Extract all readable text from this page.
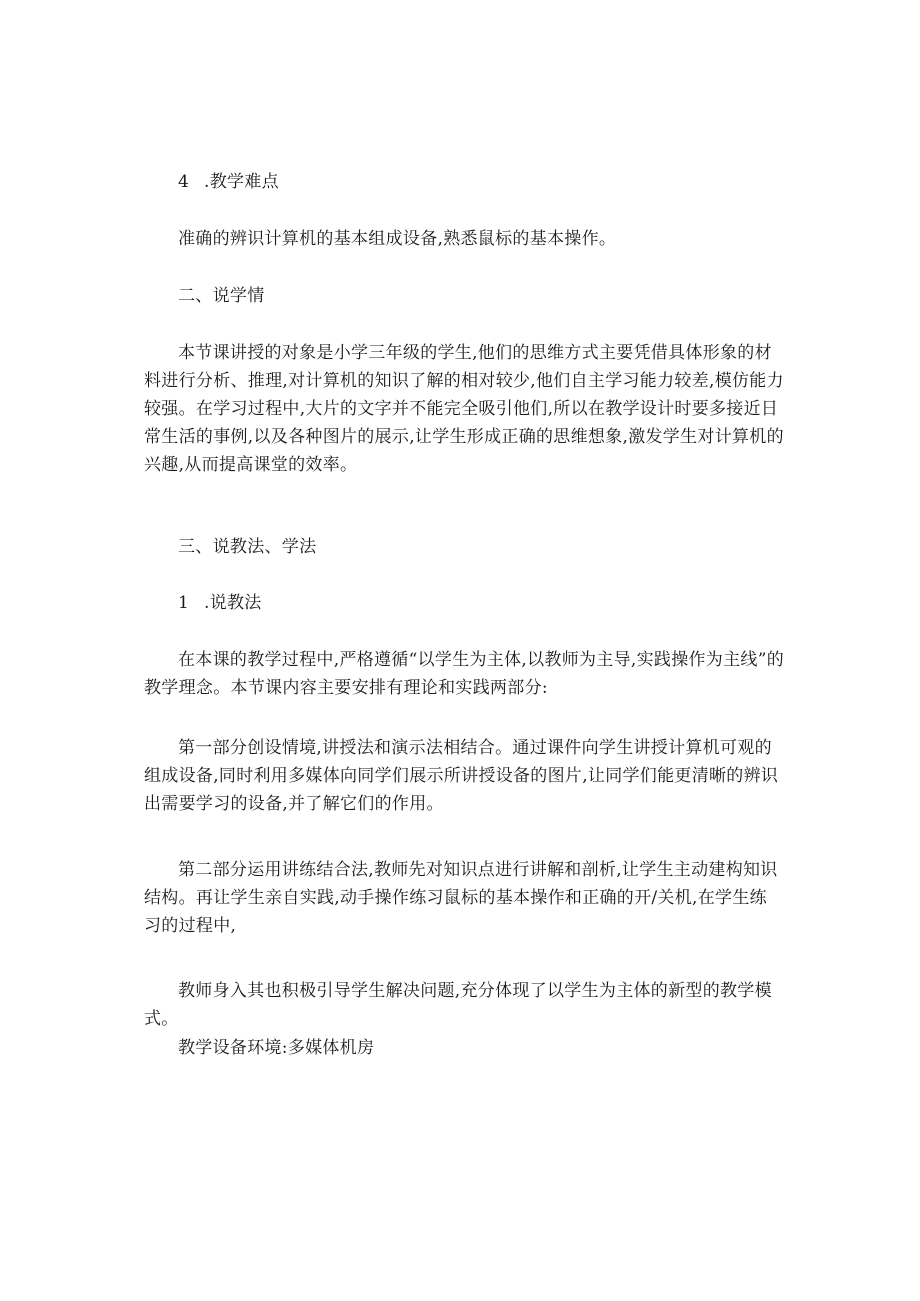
4 .教学难点

准确的辨识计算机的基本组成设备,熟悉鼠标的基本操作。

二、说学情

本节课讲授的对象是小学三年级的学生,他们的思维方式主要凭借具体形象的材料进行分析、推理,对计算机的知识了解的相对较少,他们自主学习能力较差,模仿能力较强。在学习过程中,大片的文字并不能完全吸引他们,所以在教学设计时要多接近日常生活的事例,以及各种图片的展示,让学生形成正确的思维想象,激发学生对计算机的兴趣,从而提高课堂的效率。

三、说教法、学法

1 .说教法

在本课的教学过程中,严格遵循“以学生为主体,以教师为主导,实践操作为主线”的教学理念。本节课内容主要安排有理论和实践两部分:

第一部分创设情境,讲授法和演示法相结合。通过课件向学生讲授计算机可观的组成设备,同时利用多媒体向同学们展示所讲授设备的图片,让同学们能更清晰的辨识出需要学习的设备,并了解它们的作用。

第二部分运用讲练结合法,教师先对知识点进行讲解和剖析,让学生主动建构知识结构。再让学生亲自实践,动手操作练习鼠标的基本操作和正确的开/关机,在学生练习的过程中,

教师身入其也积极引导学生解决问题,充分体现了以学生为主体的新型的教学模式。

教学设备环境:多媒体机房
